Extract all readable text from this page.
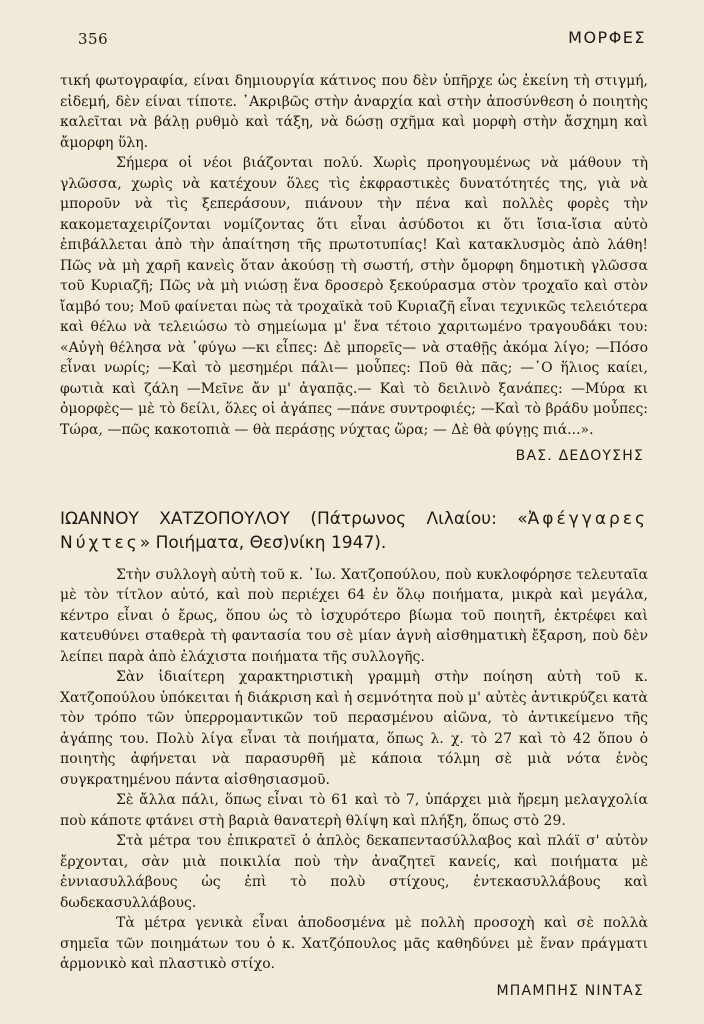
356	ΜΟΡΦΕΣ

τική φωτογραφία, είναι δημιουργία κάτινος που δὲν ὑπῆρχε ὡς ἐκείνη τὴ στιγμή, εἰδεμή, δὲν είναι τίποτε. ᾿Ακριβῶς στὴν ἀναρχία καὶ στὴν ἀποσύνθεση ὁ ποιητὴς καλεῖται νὰ βάλῃ ρυθμὸ καὶ τάξη, νὰ δώσῃ σχῆμα καὶ μορφὴ στὴν ἄσχημη καὶ ἄμορφη ὕλη.

Σήμερα οἱ νέοι βιάζονται πολύ. Χωρὶς προηγουμένως νὰ μάθουν τὴ γλῶσσα, χωρὶς νὰ κατέχουν ὅλες τὶς ἐκφραστικὲς δυνατότητές της, γιὰ νὰ μποροῦν νὰ τὶς ξεπεράσουν, πιάνουν τὴν πένα καὶ πολλὲς φορὲς τὴν κακομεταχειρίζονται νομίζοντας ὅτι εἶναι ἀσύδοτοι κι ὅτι ἴσια-ἴσια αὐτὸ ἐπιβάλλεται ἀπὸ τὴν ἀπαίτηση τῆς πρωτοτυπίας! Καὶ κατακλυσμὸς ἀπὸ λάθη! Πῶς νὰ μὴ χαρῆ κανεὶς ὅταν ἀκούσῃ τὴ σωστή, στὴν ὄμορφη δημοτικὴ γλῶσσα τοῦ Κυριαζῆ; Πῶς νὰ μὴ νιώσῃ ἕνα δροσερὸ ξεκούρασμα στὸν τροχαῖο καὶ στὸν ἴαμβό του; Μοῦ φαίνεται πὼς τὰ τροχαϊκὰ τοῦ Κυριαζῆ εἶναι τεχνικῶς τελειότερα καὶ θέλω νὰ τελειώσω τὸ σημείωμα μ' ἕνα τέτοιο χαριτωμένο τραγουδάκι του: «Αὐγὴ θέλησα νὰ ᾿φύγω —κι εἶπες: Δὲ μπορεῖς— νὰ σταθῇς ἀκόμα λίγο; —Πόσο εἶναι νωρίς; —Καὶ τὸ μεσημέρι πάλι— μοὖπες: Ποῦ θὰ πᾶς; —῾Ο ἥλιος καίει, φωτιὰ καὶ ζάλη —Μεῖνε ἄν μ' ἀγαπᾷς.— Καὶ τὸ δειλινὸ ξανάπες: —Μύρα κι ὀμορφὲς— μὲ τὸ δείλι, ὅλες οἱ ἀγάπες —πάνε συντροφιές; —Καὶ τὸ βράδυ μοὖπες: Τώρα, —πῶς κακοτοπιὰ — θὰ περάσῃς νύχτας ὥρα; — Δὲ θὰ φύγῃς πιά...».

ΒΑΣ. ΔΕΔΟΥΣΗΣ

ΙΩΑΝΝΟΥ ΧΑΤΖΟΠΟΥΛΟΥ (Πάτρωνος Λιλαίου: «Ἀφέγγαρες Νύχτες» Ποιήματα, Θεσ)νίκη 1947).

Στὴν συλλογὴ αὐτὴ τοῦ κ. ᾿Ιω. Χατζοπούλου, ποὺ κυκλοφόρησε τελευταῖα μὲ τὸν τίτλον αὐτό, καὶ ποὺ περιέχει 64 ἐν ὅλῳ ποιήματα, μικρὰ καὶ μεγάλα, κέντρο εἶναι ὁ ἔρως, ὅπου ὡς τὸ ἰσχυρότερο βίωμα τοῦ ποιητῆ, ἐκτρέφει καὶ κατευθύνει σταθερὰ τὴ φαντασία του σὲ μίαν ἁγνὴ αἰσθηματικὴ ἔξαρση, ποὺ δὲν λείπει παρὰ ἀπὸ ἐλάχιστα ποιήματα τῆς συλλογῆς.

Σὰν ἰδιαίτερη χαρακτηριστικὴ γραμμὴ στὴν ποίηση αὐτὴ τοῦ κ. Χατζοπούλου ὑπόκειται ἡ διάκριση καὶ ἡ σεμνότητα ποὺ μ' αὐτὲς ἀντικρύζει κατὰ τὸν τρόπο τῶν ὑπερρομαντικῶν τοῦ περασμένου αἰῶνα, τὸ ἀντικείμενο τῆς ἀγάπης του. Πολὺ λίγα εἶναι τὰ ποιήματα, ὅπως λ. χ. τὸ 27 καὶ τὸ 42 ὅπου ὁ ποιητὴς ἀφήνεται νὰ παρασυρθῆ μὲ κάποια τόλμη σὲ μιὰ νότα ἑνὸς συγκρατημένου πάντα αἰσθησιασμοῦ.

Σὲ ἄλλα πάλι, ὅπως εἶναι τὸ 61 καὶ τὸ 7, ὑπάρχει μιὰ ἤρεμη μελαγχολία ποὺ κάποτε φτάνει στὴ βαριὰ θανατερὴ θλίψη καὶ πλήξη, ὅπως στὸ 29.

Στὰ μέτρα του ἐπικρατεῖ ὁ ἁπλὸς δεκαπεντασύλλαβος καὶ πλάϊ σ' αὐτὸν ἔρχονται, σὰν μιὰ ποικιλία ποὺ τὴν ἀναζητεῖ κανείς, καὶ ποιήματα μὲ ἐννιασυλλάβους ὡς ἐπὶ τὸ πολὺ στίχους, ἐντεκασυλλάβους καὶ δωδεκασυλλάβους.

Τὰ μέτρα γενικὰ εἶναι ἀποδοσμένα μὲ πολλὴ προσοχὴ καὶ σὲ πολλὰ σημεῖα τῶν ποιημάτων του ὁ κ. Χατζόπουλος μᾶς καθηδύνει μὲ ἕναν πράγματι ἁρμονικὸ καὶ πλαστικὸ στίχο.

ΜΠΑΜΠΗΣ ΝΙΝΤΑΣ
